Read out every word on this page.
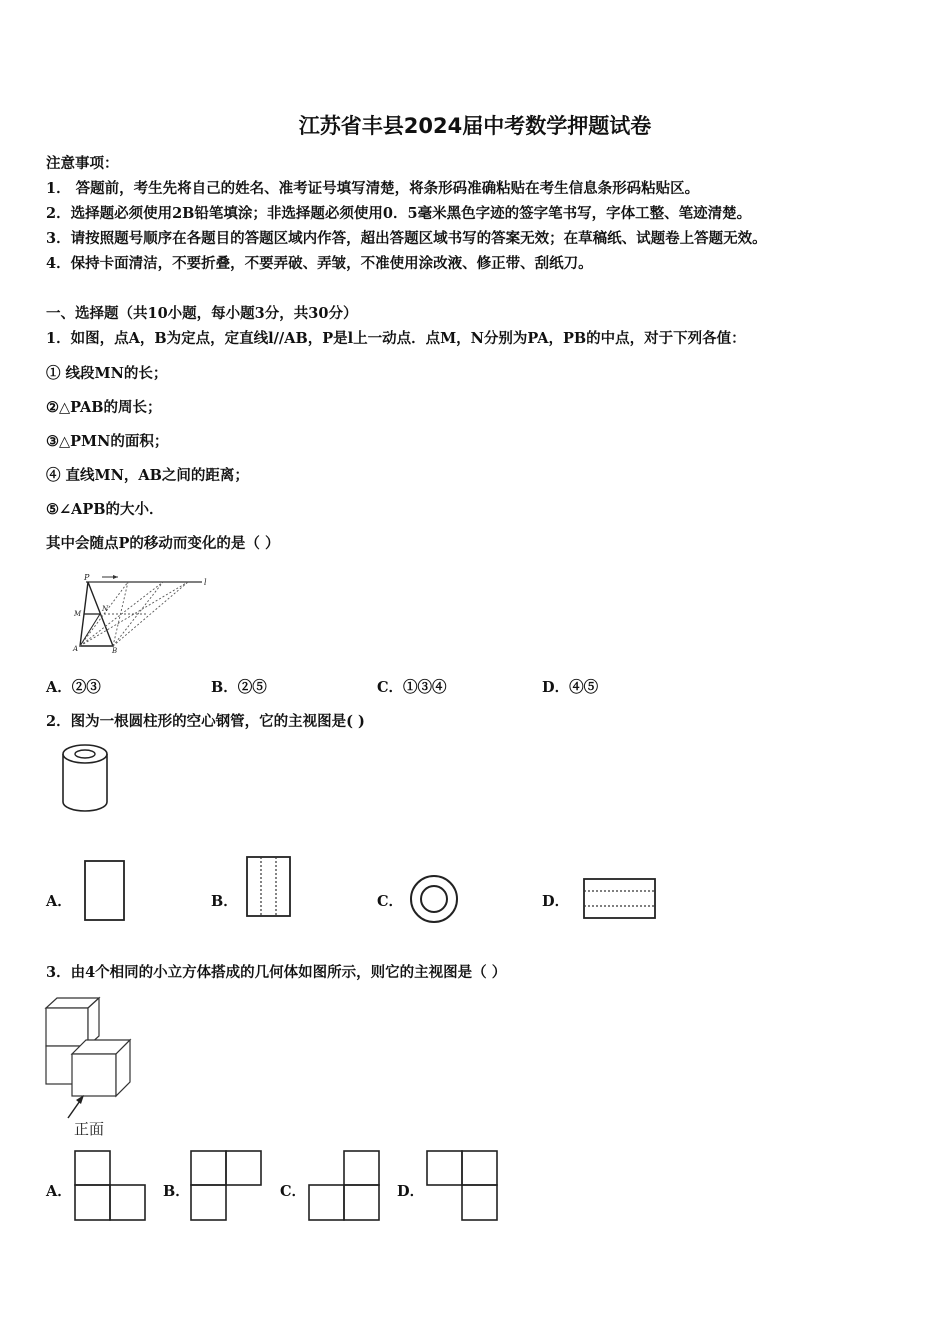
江苏省丰县2024届中考数学押题试卷
注意事项：
1． 答题前，考生先将自己的姓名、准考证号填写清楚，将条形码准确粘贴在考生信息条形码粘贴区。
2．选择题必须使用2B铅笔填涂；非选择题必须使用0．5毫米黑色字迹的签字笔书写，字体工整、笔迹清楚。
3．请按照题号顺序在各题目的答题区域内作答，超出答题区域书写的答案无效；在草稿纸、试题卷上答题无效。
4．保持卡面清洁，不要折叠，不要弄破、弄皱，不准使用涂改液、修正带、刮纸刀。
一、选择题（共10小题，每小题3分，共30分）
1．如图，点A，B为定点，定直线l//AB，P是l上一动点．点M，N分别为PA，PB的中点，对于下列各值：
① 线段MN的长；
②△PAB的周长；
③△PMN的面积；
④ 直线MN，AB之间的距离；
⑤∠APB的大小．
其中会随点P的移动而变化的是（ ）
P
l
M
N
A	B
A．②③	B．②⑤	C．①③④	D．④⑤
2．图为一根圆柱形的空心钢管，它的主视图是( )
A．	B．	C．	D．
3．由4个相同的小立方体搭成的几何体如图所示，则它的主视图是（ ）
正面
A．	B．	C．	D．
